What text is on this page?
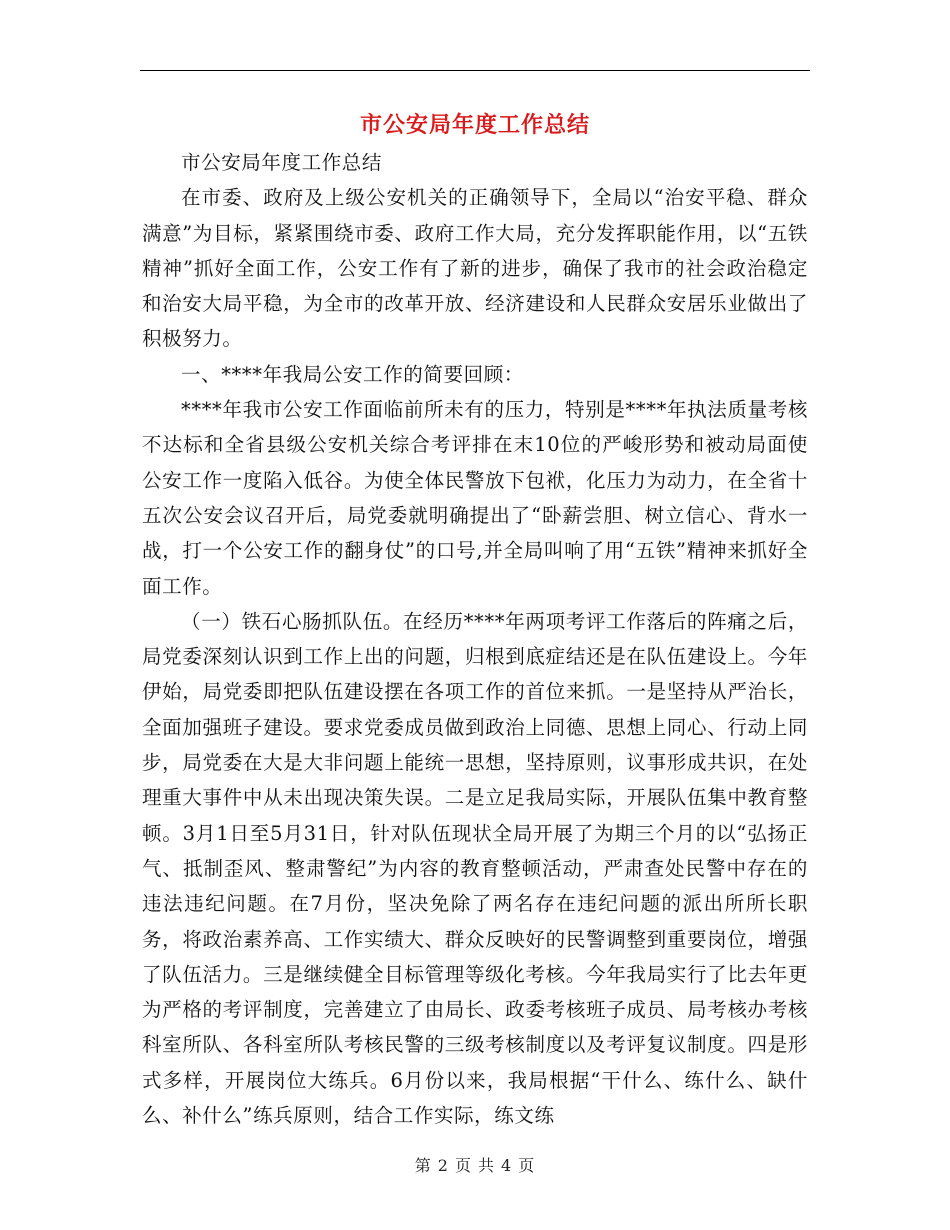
市公安局年度工作总结

市公安局年度工作总结

在市委、政府及上级公安机关的正确领导下，全局以“治安平稳、群众满意”为目标，紧紧围绕市委、政府工作大局，充分发挥职能作用，以“五铁精神”抓好全面工作，公安工作有了新的进步，确保了我市的社会政治稳定和治安大局平稳，为全市的改革开放、经济建设和人民群众安居乐业做出了积极努力。

一、****年我局公安工作的简要回顾：

****年我市公安工作面临前所未有的压力，特别是****年执法质量考核不达标和全省县级公安机关综合考评排在末10位的严峻形势和被动局面使公安工作一度陷入低谷。为使全体民警放下包袱，化压力为动力，在全省十五次公安会议召开后，局党委就明确提出了“卧薪尝胆、树立信心、背水一战，打一个公安工作的翻身仗”的口号,并全局叫响了用“五铁”精神来抓好全面工作。

（一）铁石心肠抓队伍。在经历****年两项考评工作落后的阵痛之后，局党委深刻认识到工作上出的问题，归根到底症结还是在队伍建设上。今年伊始，局党委即把队伍建设摆在各项工作的首位来抓。一是坚持从严治长，全面加强班子建设。要求党委成员做到政治上同德、思想上同心、行动上同步，局党委在大是大非问题上能统一思想，坚持原则，议事形成共识，在处理重大事件中从未出现决策失误。二是立足我局实际，开展队伍集中教育整顿。3月1日至5月31日，针对队伍现状全局开展了为期三个月的以“弘扬正气、抵制歪风、整肃警纪”为内容的教育整顿活动，严肃查处民警中存在的违法违纪问题。在7月份，坚决免除了两名存在违纪问题的派出所所长职务，将政治素养高、工作实绩大、群众反映好的民警调整到重要岗位，增强了队伍活力。三是继续健全目标管理等级化考核。今年我局实行了比去年更为严格的考评制度，完善建立了由局长、政委考核班子成员、局考核办考核科室所队、各科室所队考核民警的三级考核制度以及考评复议制度。四是形式多样，开展岗位大练兵。6月份以来，我局根据“干什么、练什么、缺什么、补什么”练兵原则，结合工作实际，练文练

第 2 页 共 4 页
